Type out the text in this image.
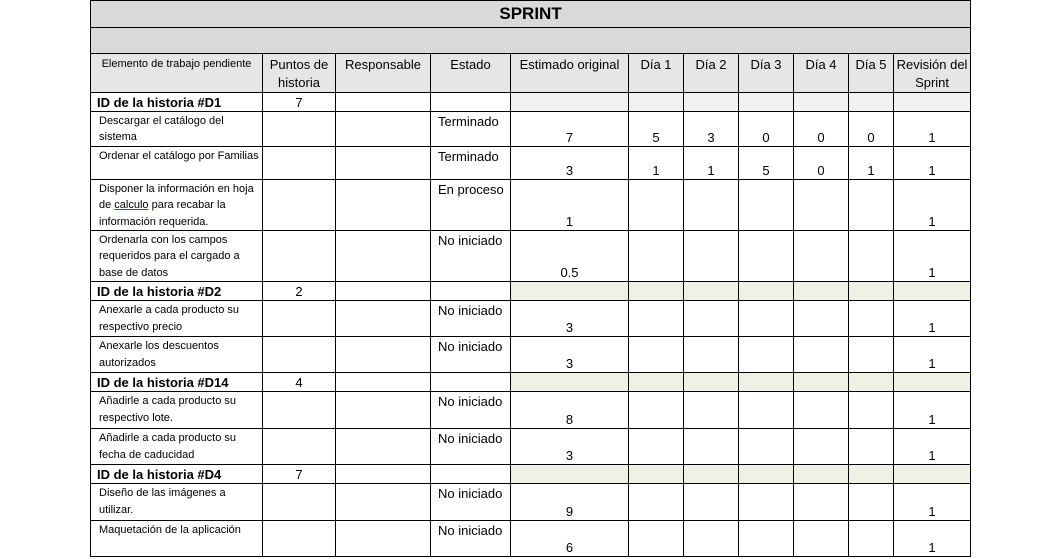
SPRINT										

Elemento de trabajo pendiente	Puntos de historia	Responsable	Estado	Estimado original	Día 1	Día 2	Día 3	Día 4	Día 5	Revisión del Sprint
ID de la historia #D1	7									
Descargar el catálogo del sistema			Terminado	7	5	3	0	0	0	1
Ordenar el catálogo por Familias			Terminado	3	1	1	5	0	1	1
Disponer la información en hoja de calculo para recabar la información requerida.			En proceso	1						1
Ordenarla con los campos requeridos para el cargado a base de datos			No iniciado	0.5						1
ID de la historia #D2	2									
Anexarle a cada producto su respectivo precio			No iniciado	3						1
Anexarle los descuentos autorizados			No iniciado	3						1
ID de la historia #D14	4									
Añadirle a cada producto su respectivo lote.			No iniciado	8						1
Añadirle a cada producto su fecha de caducidad			No iniciado	3						1
ID de la historia #D4	7									
Diseño de las imágenes a utilizar.			No iniciado	9						1
Maquetación de la aplicación			No iniciado	6						1
